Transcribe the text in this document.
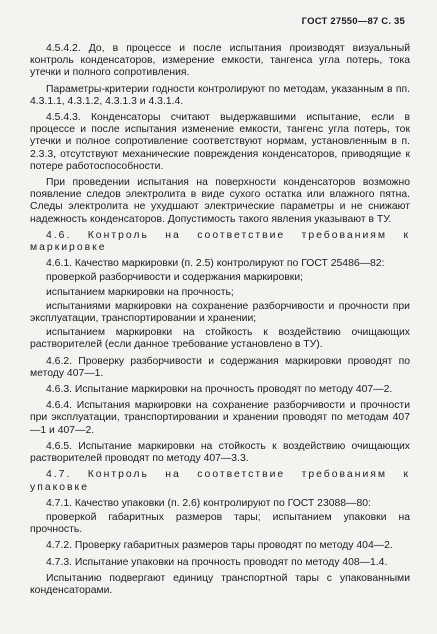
ГОСТ 27550—87 С. 35

4.5.4.2. До, в процессе и после испытания производят визуальный контроль конденсаторов, измерение емкости, тангенса угла потерь, тока утечки и полного сопротивления.

Параметры-критерии годности контролируют по методам, указанным в пп. 4.3.1.1, 4.3.1.2, 4.3.1.3 и 4.3.1.4.

4.5.4.3. Конденсаторы считают выдержавшими испытание, если в процессе и после испытания изменение емкости, тангенс угла потерь, ток утечки и полное сопротивление соответствуют нормам, установленным в п. 2.3.3, отсутствуют механические повреждения конденсаторов, приводящие к потере работоспособности.

При проведении испытания на поверхности конденсаторов возможно появление следов электролита в виде сухого остатка или влажного пятна. Следы электролита не ухудшают электрические параметры и не снижают надежность конденсаторов. Допустимость такого явления указывают в ТУ.

4.6. Контроль на соответствие требованиям к маркировке

4.6.1. Качество маркировки (п. 2.5) контролируют по ГОСТ 25486—82:

проверкой разборчивости и содержания маркировки;

испытанием маркировки на прочность;

испытаниями маркировки на сохранение разборчивости и прочности при эксплуатации, транспортировании и хранении;

испытанием маркировки на стойкость к воздействию очищающих растворителей (если данное требование установлено в ТУ).

4.6.2. Проверку разборчивости и содержания маркировки проводят по методу 407—1.

4.6.3. Испытание маркировки на прочность проводят по методу 407—2.

4.6.4. Испытания маркировки на сохранение разборчивости и прочности при эксплуатации, транспортировании и хранении проводят по методам 407—1 и 407—2.

4.6.5. Испытание маркировки на стойкость к воздействию очищающих растворителей проводят по методу 407—3.3.

4.7. Контроль на соответствие требованиям к упаковке

4.7.1. Качество упаковки (п. 2.6) контролируют по ГОСТ 23088—80:

проверкой габаритных размеров тары; испытанием упаковки на прочность.

4.7.2. Проверку габаритных размеров тары проводят по методу 404—2.

4.7.3. Испытание упаковки на прочность проводят по методу 408—1.4.

Испытанию подвергают единицу транспортной тары с упакованными конденсаторами.
